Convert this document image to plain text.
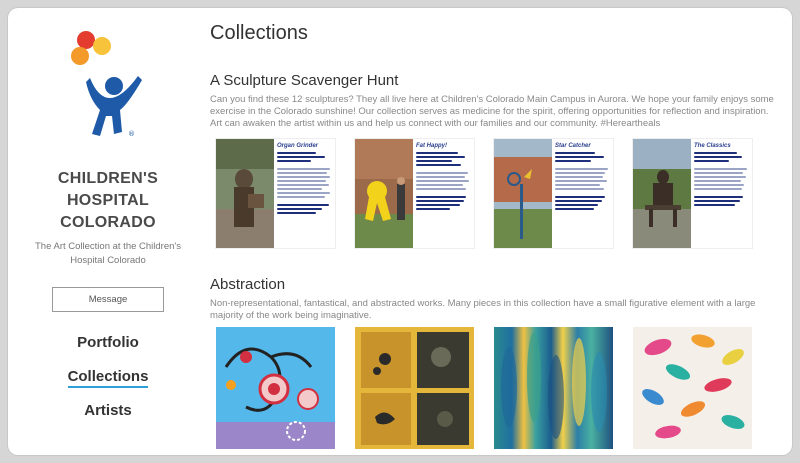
®
CHILDREN'S HOSPITAL COLORADO
The Art Collection at the Children's Hospital Colorado
Message
Portfolio
Collections
Artists
Collections
A Sculpture Scavenger Hunt
Can you find these 12 sculptures? They all live here at Children's Colorado Main Campus in Aurora. We hope your family enjoys some exercise in the Colorado sunshine! Our collection serves as medicine for the spirit, offering opportunities for reflection and inspiration. Art can awaken the artist within us and help us connect with our families and our community. #Hereartheals
Organ Grinder	Fat Happy!	Star Catcher	The Classics
Abstraction
Non-representational, fantastical, and abstracted works. Many pieces in this collection have a small figurative element with a large majority of the work being imaginative.
